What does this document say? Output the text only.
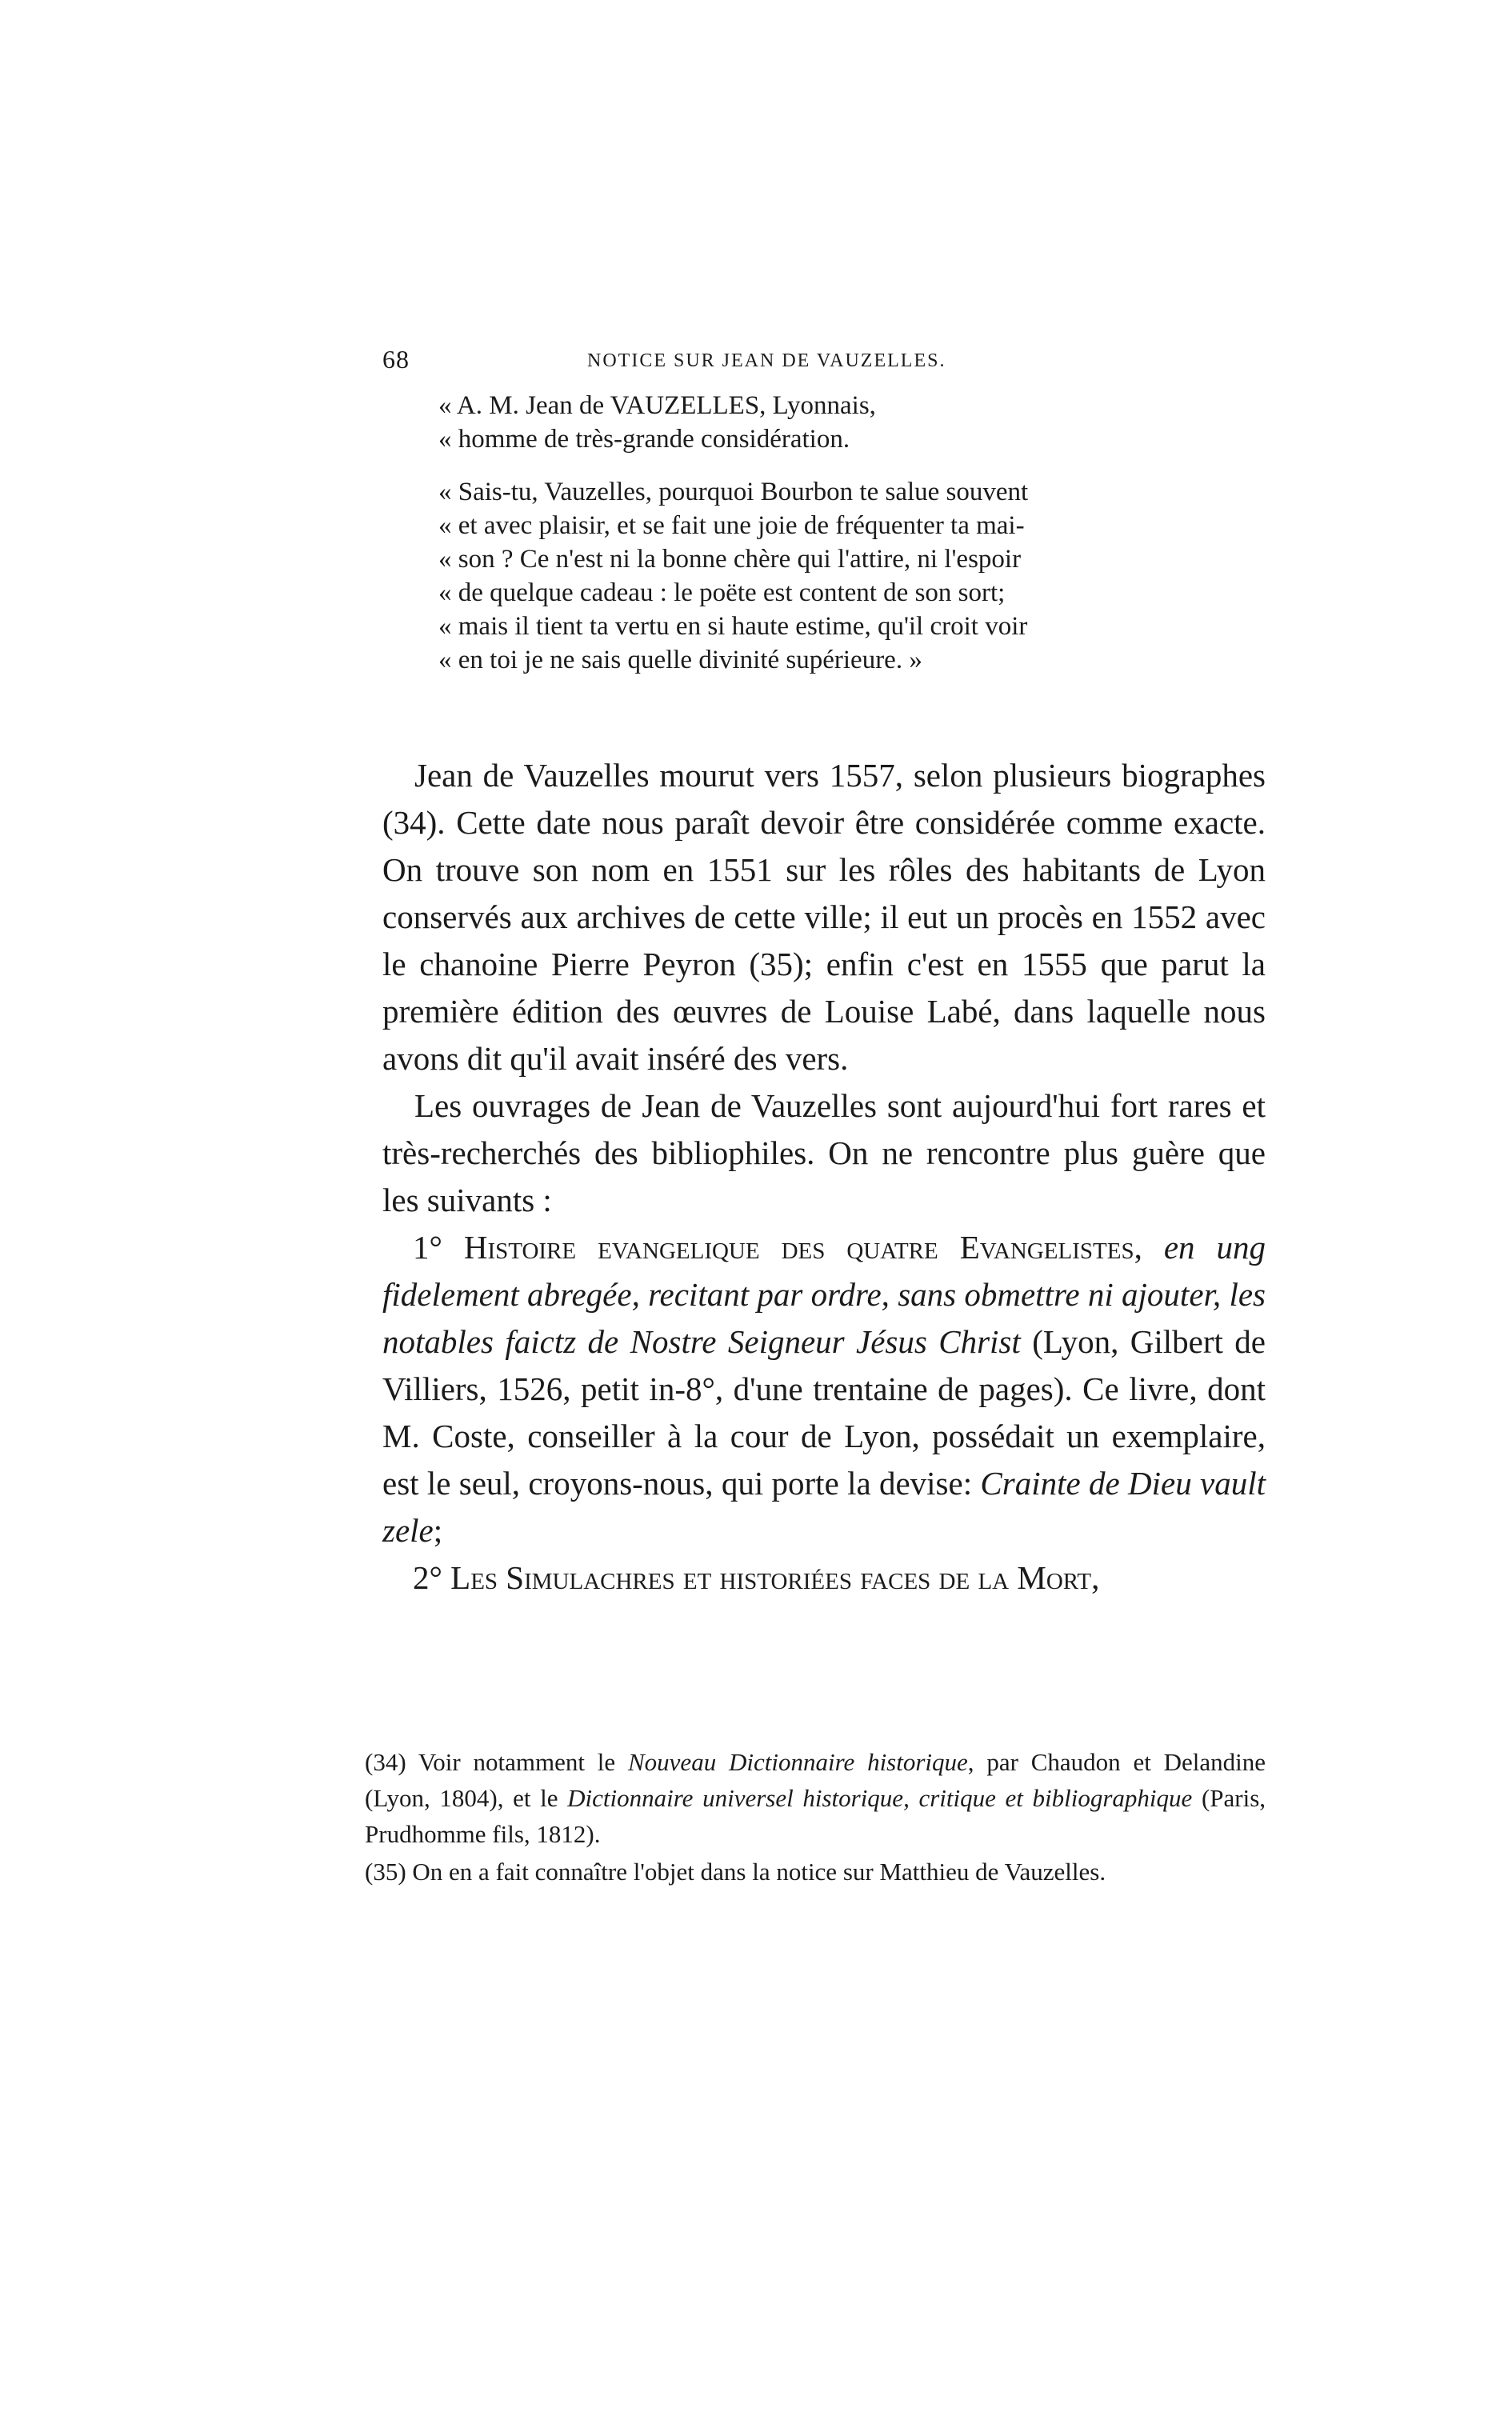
68	NOTICE SUR JEAN DE VAUZELLES.
« A. M. Jean de VAUZELLES, Lyonnais,
« homme de très-grande considération.
« Sais-tu, Vauzelles, pourquoi Bourbon te salue souvent
« et avec plaisir, et se fait une joie de fréquenter ta mai-
« son ? Ce n'est ni la bonne chère qui l'attire, ni l'espoir
« de quelque cadeau : le poëte est content de son sort;
« mais il tient ta vertu en si haute estime, qu'il croit voir
« en toi je ne sais quelle divinité supérieure. »

Jean de Vauzelles mourut vers 1557, selon plusieurs biographes (34). Cette date nous paraît devoir être considérée comme exacte. On trouve son nom en 1551 sur les rôles des habitants de Lyon conservés aux archives de cette ville; il eut un procès en 1552 avec le chanoine Pierre Peyron (35); enfin c'est en 1555 que parut la première édition des œuvres de Louise Labé, dans laquelle nous avons dit qu'il avait inséré des vers.

Les ouvrages de Jean de Vauzelles sont aujourd'hui fort rares et très-recherchés des bibliophiles. On ne rencontre plus guère que les suivants :

1° Histoire evangelique des quatre Evangelistes, en ung fidelement abregée, recitant par ordre, sans obmettre ni ajouter, les notables faictz de Nostre Seigneur Jésus Christ (Lyon, Gilbert de Villiers, 1526, petit in-8°, d'une trentaine de pages). Ce livre, dont M. Coste, conseiller à la cour de Lyon, possédait un exemplaire, est le seul, croyons-nous, qui porte la devise: Crainte de Dieu vault zele;

2° Les Simulachres et historiées faces de la Mort,

(34) Voir notamment le Nouveau Dictionnaire historique, par Chaudon et Delandine (Lyon, 1804), et le Dictionnaire universel historique, critique et bibliographique (Paris, Prudhomme fils, 1812).

(35) On en a fait connaître l'objet dans la notice sur Matthieu de Vauzelles.
